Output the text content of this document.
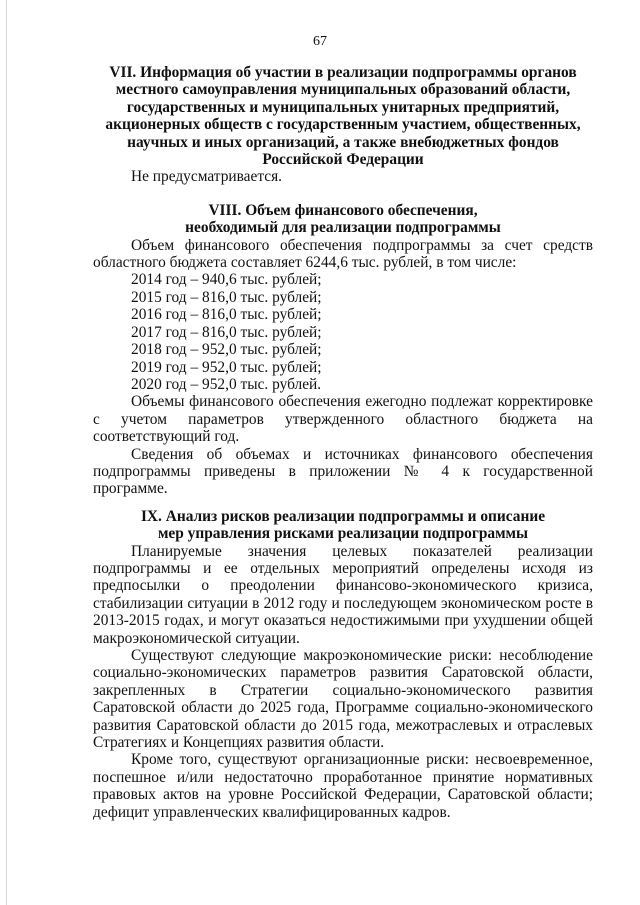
67
VII. Информация об участии в реализации подпрограммы органов
местного самоуправления муниципальных образований области,
государственных и муниципальных унитарных предприятий,
акционерных обществ с государственным участием, общественных,
научных и иных организаций, а также внебюджетных фондов
Российской Федерации

Не предусматривается.

VIII. Объем финансового обеспечения,
необходимый для реализации подпрограммы

Объем финансового обеспечения подпрограммы за счет средств областного бюджета составляет 6244,6 тыс. рублей, в том числе:

2014 год – 940,6 тыс. рублей;
2015 год – 816,0 тыс. рублей;
2016 год – 816,0 тыс. рублей;
2017 год – 816,0 тыс. рублей;
2018 год – 952,0 тыс. рублей;
2019 год – 952,0 тыс. рублей;
2020 год – 952,0 тыс. рублей.

Объемы финансового обеспечения ежегодно подлежат корректировке с учетом параметров утвержденного областного бюджета на соответствующий год.

Сведения об объемах и источниках финансового обеспечения подпрограммы приведены в приложении № 4 к государственной программе.

IX. Анализ рисков реализации подпрограммы и описание
мер управления рисками реализации подпрограммы

Планируемые значения целевых показателей реализации подпрограммы и ее отдельных мероприятий определены исходя из предпосылки о преодолении финансово-экономического кризиса, стабилизации ситуации в 2012 году и последующем экономическом росте в 2013-2015 годах, и могут оказаться недостижимыми при ухудшении общей макроэкономической ситуации.

Существуют следующие макроэкономические риски: несоблюдение социально-экономических параметров развития Саратовской области, закрепленных в Стратегии социально-экономического развития Саратовской области до 2025 года, Программе социально-экономического развития Саратовской области до 2015 года, межотраслевых и отраслевых Стратегиях и Концепциях развития области.

Кроме того, существуют организационные риски: несвоевременное, поспешное и/или недостаточно проработанное принятие нормативных правовых актов на уровне Российской Федерации, Саратовской области; дефицит управленческих квалифицированных кадров.
